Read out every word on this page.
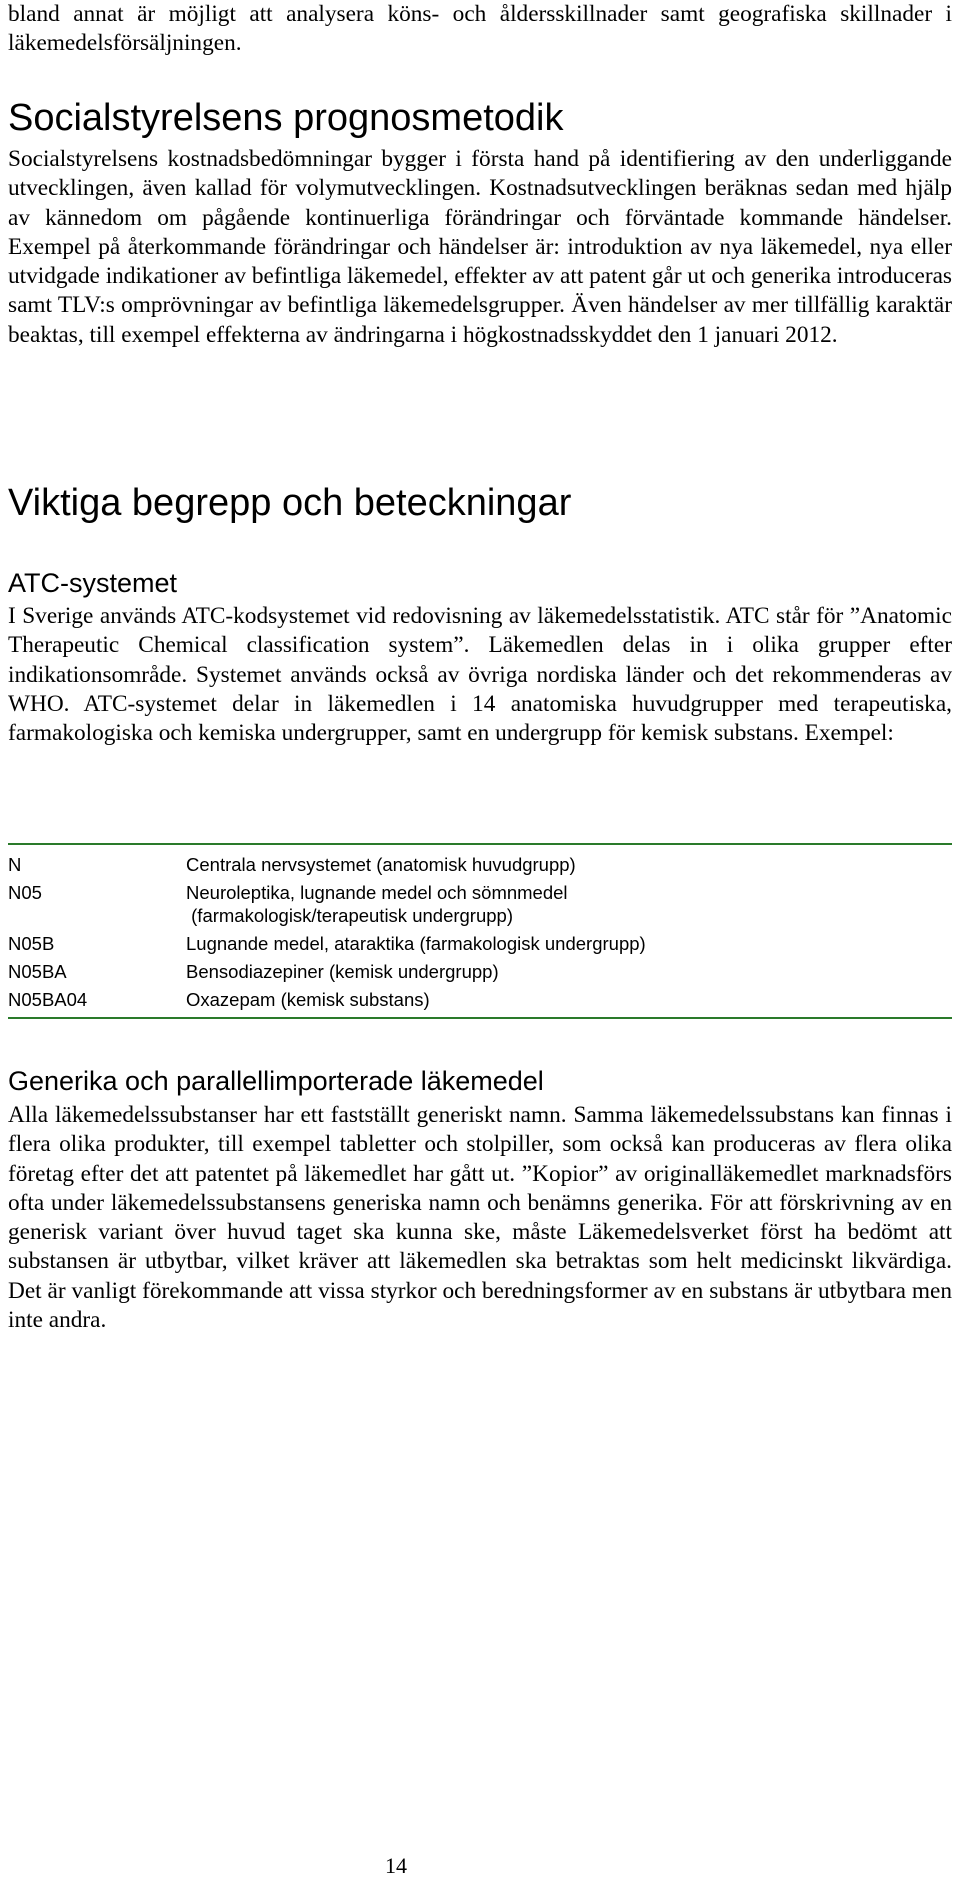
bland annat är möjligt att analysera köns- och åldersskillnader samt geografiska skillnader i läkemedelsförsäljningen.

Socialstyrelsens prognosmetodik

Socialstyrelsens kostnadsbedömningar bygger i första hand på identifiering av den underliggande utvecklingen, även kallad för volymutvecklingen. Kostnadsutvecklingen beräknas sedan med hjälp av kännedom om pågående kontinuerliga förändringar och förväntade kommande händelser. Exempel på återkommande förändringar och händelser är: introduktion av nya läkemedel, nya eller utvidgade indikationer av befintliga läkemedel, effekter av att patent går ut och generika introduceras samt TLV:s omprövningar av befintliga läkemedelsgrupper. Även händelser av mer tillfällig karaktär beaktas, till exempel effekterna av ändringarna i högkostnadsskyddet den 1 januari 2012.

Viktiga begrepp och beteckningar
ATC-systemet

I Sverige används ATC-kodsystemet vid redovisning av läkemedelsstatistik. ATC står för ”Anatomic Therapeutic Chemical classification system”. Läkemedlen delas in i olika grupper efter indikationsområde. Systemet används också av övriga nordiska länder och det rekommenderas av WHO. ATC-systemet delar in läkemedlen i 14 anatomiska huvudgrupper med terapeutiska, farmakologiska och kemiska undergrupper, samt en undergrupp för kemisk substans. Exempel:

N	Centrala nervsystemet (anatomisk huvudgrupp)
N05	Neuroleptika, lugnande medel och sömnmedel
(farmakologisk/terapeutisk undergrupp)
N05B	Lugnande medel, ataraktika (farmakologisk undergrupp)
N05BA	Bensodiazepiner (kemisk undergrupp)
N05BA04	Oxazepam (kemisk substans)
Generika och parallellimporterade läkemedel

Alla läkemedelssubstanser har ett fastställt generiskt namn. Samma läkemedelssubstans kan finnas i flera olika produkter, till exempel tabletter och stolpiller, som också kan produceras av flera olika företag efter det att patentet på läkemedlet har gått ut. ”Kopior” av originalläkemedlet marknadsförs ofta under läkemedelssubstansens generiska namn och benämns generika. För att förskrivning av en generisk variant över huvud taget ska kunna ske, måste Läkemedelsverket först ha bedömt att substansen är utbytbar, vilket kräver att läkemedlen ska betraktas som helt medicinskt likvärdiga. Det är vanligt förekommande att vissa styrkor och beredningsformer av en substans är utbytbara men inte andra.

14
